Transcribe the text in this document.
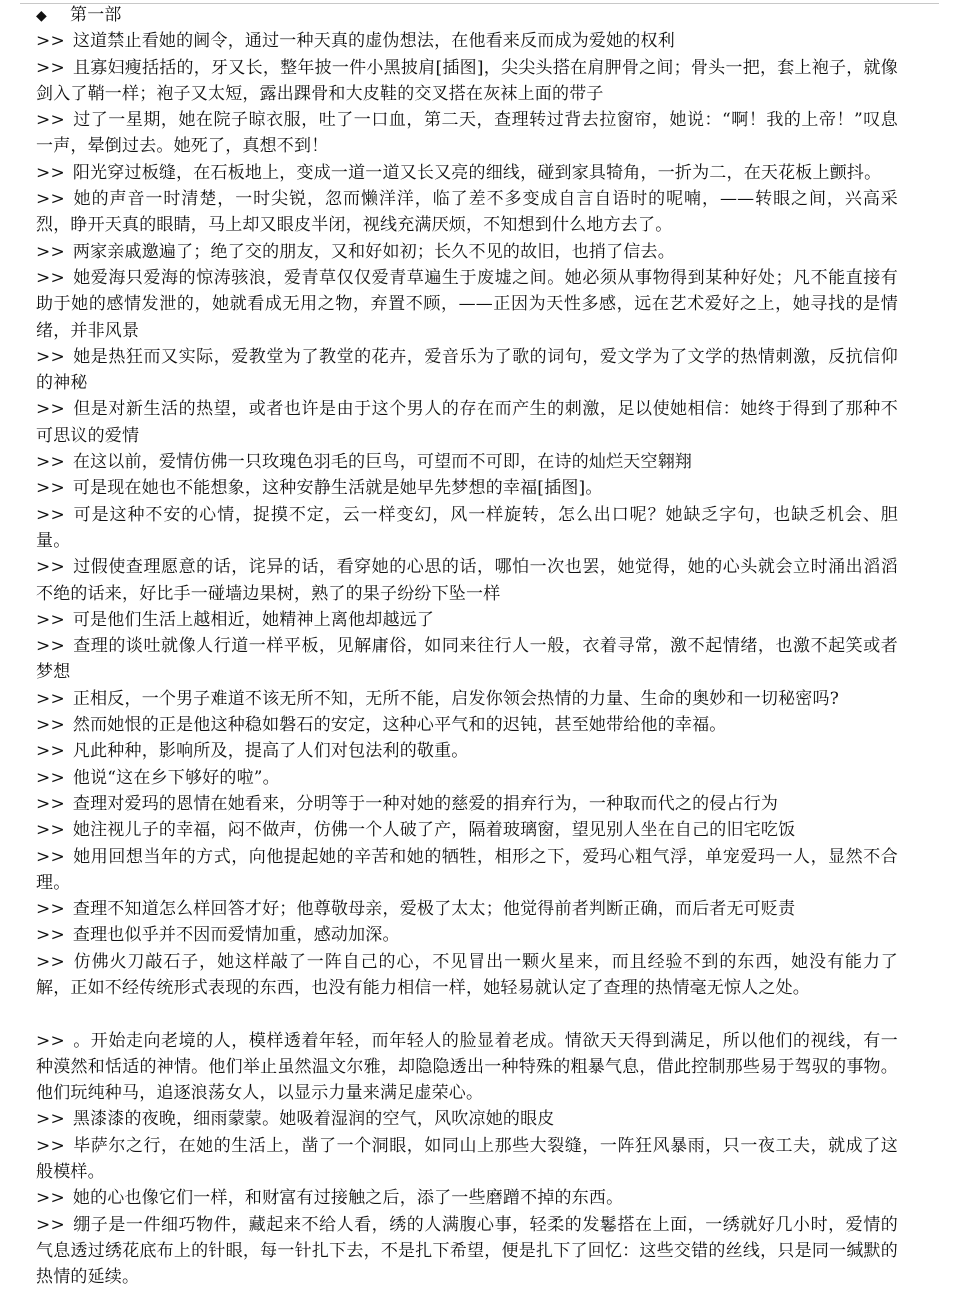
◆ 第一部

>> 这道禁止看她的阃令，通过一种天真的虚伪想法，在他看来反而成为爱她的权利

>> 且寡妇瘦括括的，牙又长，整年披一件小黑披肩[插图]，尖尖头搭在肩胛骨之间；骨头一把，套上袍子，就像剑入了鞘一样；袍子又太短，露出踝骨和大皮鞋的交叉搭在灰袜上面的带子

>> 过了一星期，她在院子晾衣服，吐了一口血，第二天，查理转过背去拉窗帘，她说：“啊！我的上帝！”叹息一声，晕倒过去。她死了，真想不到！

>> 阳光穿过板缝，在石板地上，变成一道一道又长又亮的细线，碰到家具犄角，一折为二，在天花板上颤抖。

>> 她的声音一时清楚，一时尖锐，忽而懒洋洋，临了差不多变成自言自语时的呢喃，——转眼之间，兴高采烈，睁开天真的眼睛，马上却又眼皮半闭，视线充满厌烦，不知想到什么地方去了。

>> 两家亲戚邀遍了；绝了交的朋友，又和好如初；长久不见的故旧，也捎了信去。

>> 她爱海只爱海的惊涛骇浪，爱青草仅仅爱青草遍生于废墟之间。她必须从事物得到某种好处；凡不能直接有助于她的感情发泄的，她就看成无用之物，弃置不顾，——正因为天性多感，远在艺术爱好之上，她寻找的是情绪，并非风景

>> 她是热狂而又实际，爱教堂为了教堂的花卉，爱音乐为了歌的词句，爱文学为了文学的热情刺激，反抗信仰的神秘

>> 但是对新生活的热望，或者也许是由于这个男人的存在而产生的刺激，足以使她相信：她终于得到了那种不可思议的爱情

>> 在这以前，爱情仿佛一只玫瑰色羽毛的巨鸟，可望而不可即，在诗的灿烂天空翱翔

>> 可是现在她也不能想象，这种安静生活就是她早先梦想的幸福[插图]。

>> 可是这种不安的心情，捉摸不定，云一样变幻，风一样旋转，怎么出口呢？她缺乏字句，也缺乏机会、胆量。

>> 过假使查理愿意的话，诧异的话，看穿她的心思的话，哪怕一次也罢，她觉得，她的心头就会立时涌出滔滔不绝的话来，好比手一碰墙边果树，熟了的果子纷纷下坠一样

>> 可是他们生活上越相近，她精神上离他却越远了

>> 查理的谈吐就像人行道一样平板，见解庸俗，如同来往行人一般，衣着寻常，激不起情绪，也激不起笑或者梦想

>> 正相反，一个男子难道不该无所不知，无所不能，启发你领会热情的力量、生命的奥妙和一切秘密吗?

>> 然而她恨的正是他这种稳如磐石的安定，这种心平气和的迟钝，甚至她带给他的幸福。

>> 凡此种种，影响所及，提高了人们对包法利的敬重。

>> 他说“这在乡下够好的啦”。

>> 查理对爱玛的恩情在她看来，分明等于一种对她的慈爱的捐弃行为，一种取而代之的侵占行为

>> 她注视儿子的幸福，闷不做声，仿佛一个人破了产，隔着玻璃窗，望见别人坐在自己的旧宅吃饭

>> 她用回想当年的方式，向他提起她的辛苦和她的牺牲，相形之下，爱玛心粗气浮，单宠爱玛一人，显然不合理。

>> 查理不知道怎么样回答才好；他尊敬母亲，爱极了太太；他觉得前者判断正确，而后者无可贬责

>> 查理也似乎并不因而爱情加重，感动加深。

>> 仿佛火刀敲石子，她这样敲了一阵自己的心，不见冒出一颗火星来，而且经验不到的东西，她没有能力了解，正如不经传统形式表现的东西，也没有能力相信一样，她轻易就认定了查理的热情毫无惊人之处。

>> 。开始走向老境的人，模样透着年轻，而年轻人的脸显着老成。情欲天天得到满足，所以他们的视线，有一种漠然和恬适的神情。他们举止虽然温文尔雅，却隐隐透出一种特殊的粗暴气息，借此控制那些易于驾驭的事物。他们玩纯种马，追逐浪荡女人，以显示力量来满足虚荣心。

>> 黑漆漆的夜晚，细雨蒙蒙。她吸着湿润的空气，风吹凉她的眼皮

>> 毕萨尔之行，在她的生活上，凿了一个洞眼，如同山上那些大裂缝，一阵狂风暴雨，只一夜工夫，就成了这般模样。

>> 她的心也像它们一样，和财富有过接触之后，添了一些磨蹭不掉的东西。

>> 绷子是一件细巧物件，藏起来不给人看，绣的人满腹心事，轻柔的发鬈搭在上面，一绣就好几小时，爱情的气息透过绣花底布上的针眼，每一针扎下去，不是扎下希望，便是扎下了回忆：这些交错的丝线，只是同一缄默的热情的延续。
